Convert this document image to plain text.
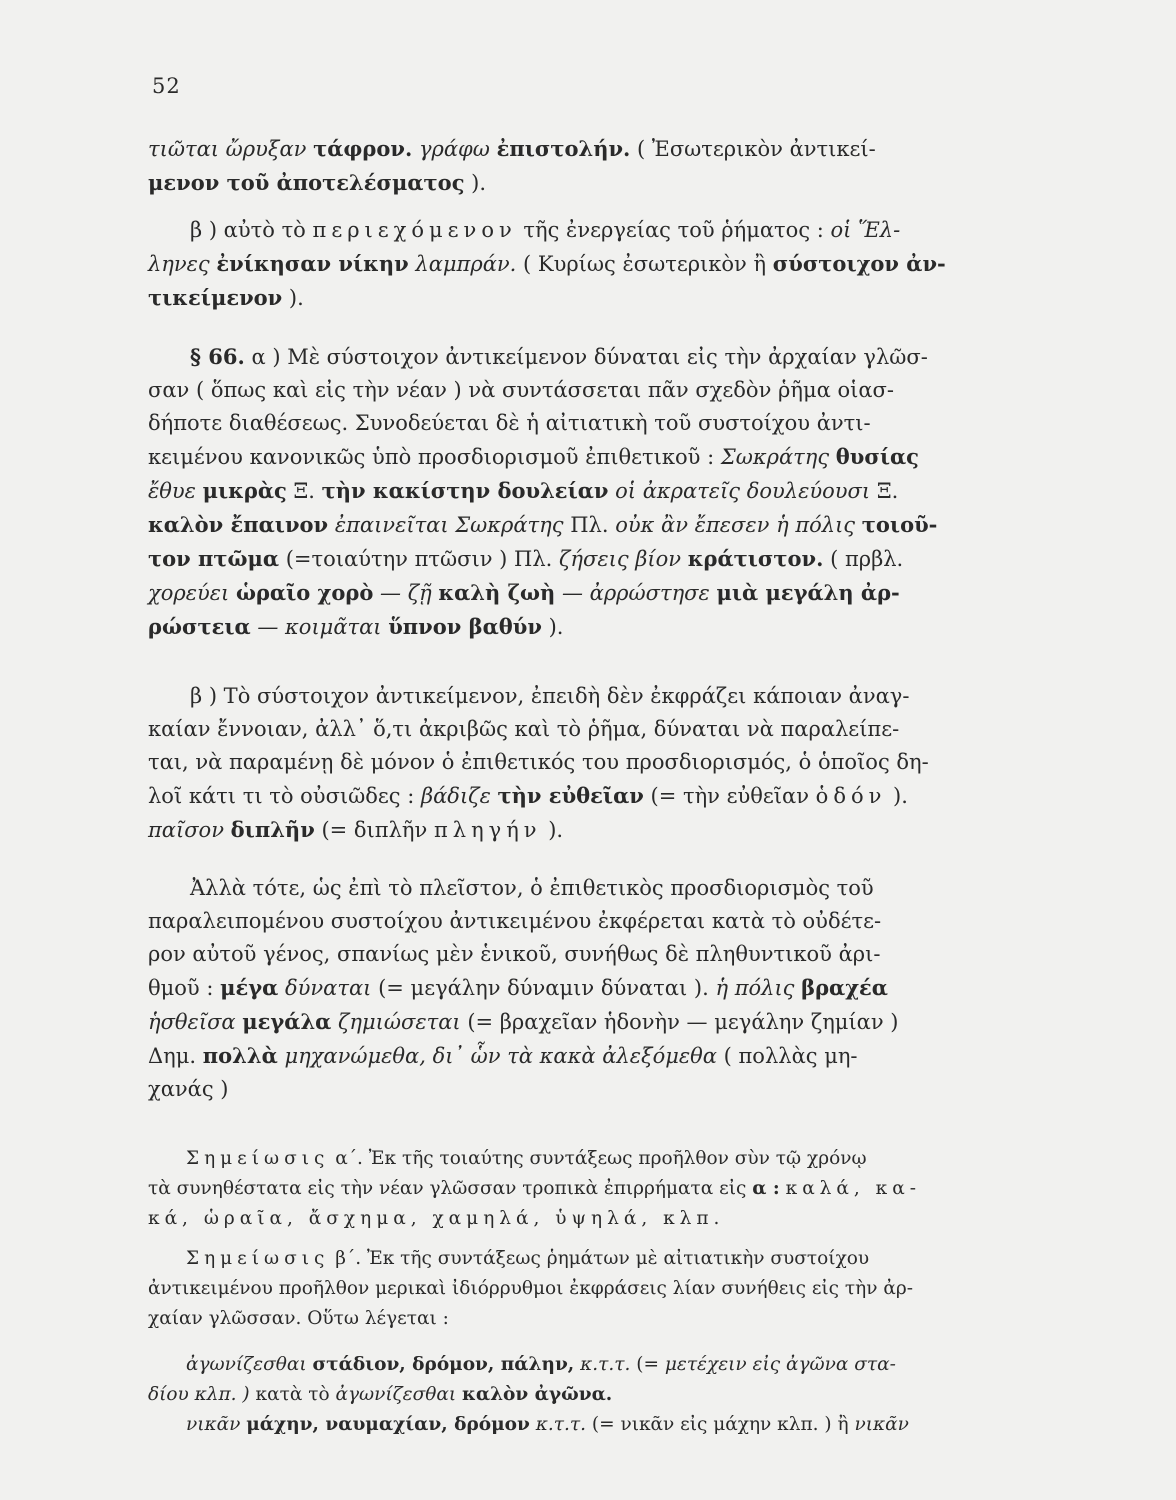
52
τιῶται ὤρυξαν τάφρον. γράφω ἐπιστολήν. ( Ἐσωτερικὸν ἀντικεί-
μενον τοῦ ἀποτελέσματος ).
β ) αὐτὸ τὸ περιεχόμενον τῆς ἐνεργείας τοῦ ῥήματος : οἱ Ἕλ-
ληνες ἐνίκησαν νίκην λαμπράν. ( Κυρίως ἐσωτερικὸν ἢ σύστοιχον ἀν-
τικείμενον ).
§ 66. α ) Μὲ σύστοιχον ἀντικείμενον δύναται εἰς τὴν ἀρχαίαν γλῶσ-
σαν ( ὅπως καὶ εἰς τὴν νέαν ) νὰ συντάσσεται πᾶν σχεδὸν ῥῆμα οἱασ-
δήποτε διαθέσεως. Συνοδεύεται δὲ ἡ αἰτιατικὴ τοῦ συστοίχου ἀντι-
κειμένου κανονικῶς ὑπὸ προσδιορισμοῦ ἐπιθετικοῦ : Σωκράτης θυσίας
ἔθυε μικρὰς Ξ. τὴν κακίστην δουλείαν οἱ ἀκρατεῖς δουλεύουσι Ξ.
καλὸν ἔπαινον ἐπαινεῖται Σωκράτης Πλ. οὐκ ἂν ἔπεσεν ἡ πόλις τοιοῦ-
τον πτῶμα (=τοιαύτην πτῶσιν ) Πλ. ζήσεις βίον κράτιστον. ( πρβλ.
χορεύει ὡραῖο χορὸ — ζῇ καλὴ ζωὴ — ἀρρώστησε μιὰ μεγάλη ἀρ-
ρώστεια — κοιμᾶται ὕπνον βαθύν ).
β ) Τὸ σύστοιχον ἀντικείμενον, ἐπειδὴ δὲν ἐκφράζει κάποιαν ἀναγ-
καίαν ἔννοιαν, ἀλλ᾽ ὅ,τι ἀκριβῶς καὶ τὸ ῥῆμα, δύναται νὰ παραλείπε-
ται, νὰ παραμένῃ δὲ μόνον ὁ ἐπιθετικός του προσδιορισμός, ὁ ὁποῖος δη-
λοῖ κάτι τι τὸ οὐσιῶδες : βάδιζε τὴν εὐθεῖαν (= τὴν εὐθεῖαν ὁδόν ).
παῖσον διπλῆν (= διπλῆν πληγήν ).
Ἀλλὰ τότε, ὡς ἐπὶ τὸ πλεῖστον, ὁ ἐπιθετικὸς προσδιορισμὸς τοῦ
παραλειπομένου συστοίχου ἀντικειμένου ἐκφέρεται κατὰ τὸ οὐδέτε-
ρον αὐτοῦ γένος, σπανίως μὲν ἑνικοῦ, συνήθως δὲ πληθυντικοῦ ἀρι-
θμοῦ : μέγα δύναται (= μεγάλην δύναμιν δύναται ). ἡ πόλις βραχέα
ἡσθεῖσα μεγάλα ζημιώσεται (= βραχεῖαν ἡδονὴν — μεγάλην ζημίαν )
Δημ. πολλὰ μηχανώμεθα, δι᾽ ὧν τὰ κακὰ ἀλεξόμεθα ( πολλὰς μη-
χανάς )
Σημείωσις α΄. Ἐκ τῆς τοιαύτης συντάξεως προῆλθον σὺν τῷ χρόνῳ
τὰ συνηθέστατα εἰς τὴν νέαν γλῶσσαν τροπικὰ ἐπιρρήματα εἰς α : καλά, κα-
κά, ὡραῖα, ἄσχημα, χαμηλά, ὑψηλά, κλπ.
Σημείωσις β΄. Ἐκ τῆς συντάξεως ῥημάτων μὲ αἰτιατικὴν συστοίχου
ἀντικειμένου προῆλθον μερικαὶ ἰδιόρρυθμοι ἐκφράσεις λίαν συνήθεις εἰς τὴν ἀρ-
χαίαν γλῶσσαν. Οὕτω λέγεται :
ἀγωνίζεσθαι στάδιον, δρόμον, πάλην, κ.τ.τ. (= μετέχειν εἰς ἀγῶνα στα-
δίου κλπ. ) κατὰ τὸ ἀγωνίζεσθαι καλὸν ἀγῶνα.
νικᾶν μάχην, ναυμαχίαν, δρόμον κ.τ.τ. (= νικᾶν εἰς μάχην κλπ. ) ἢ νικᾶν
